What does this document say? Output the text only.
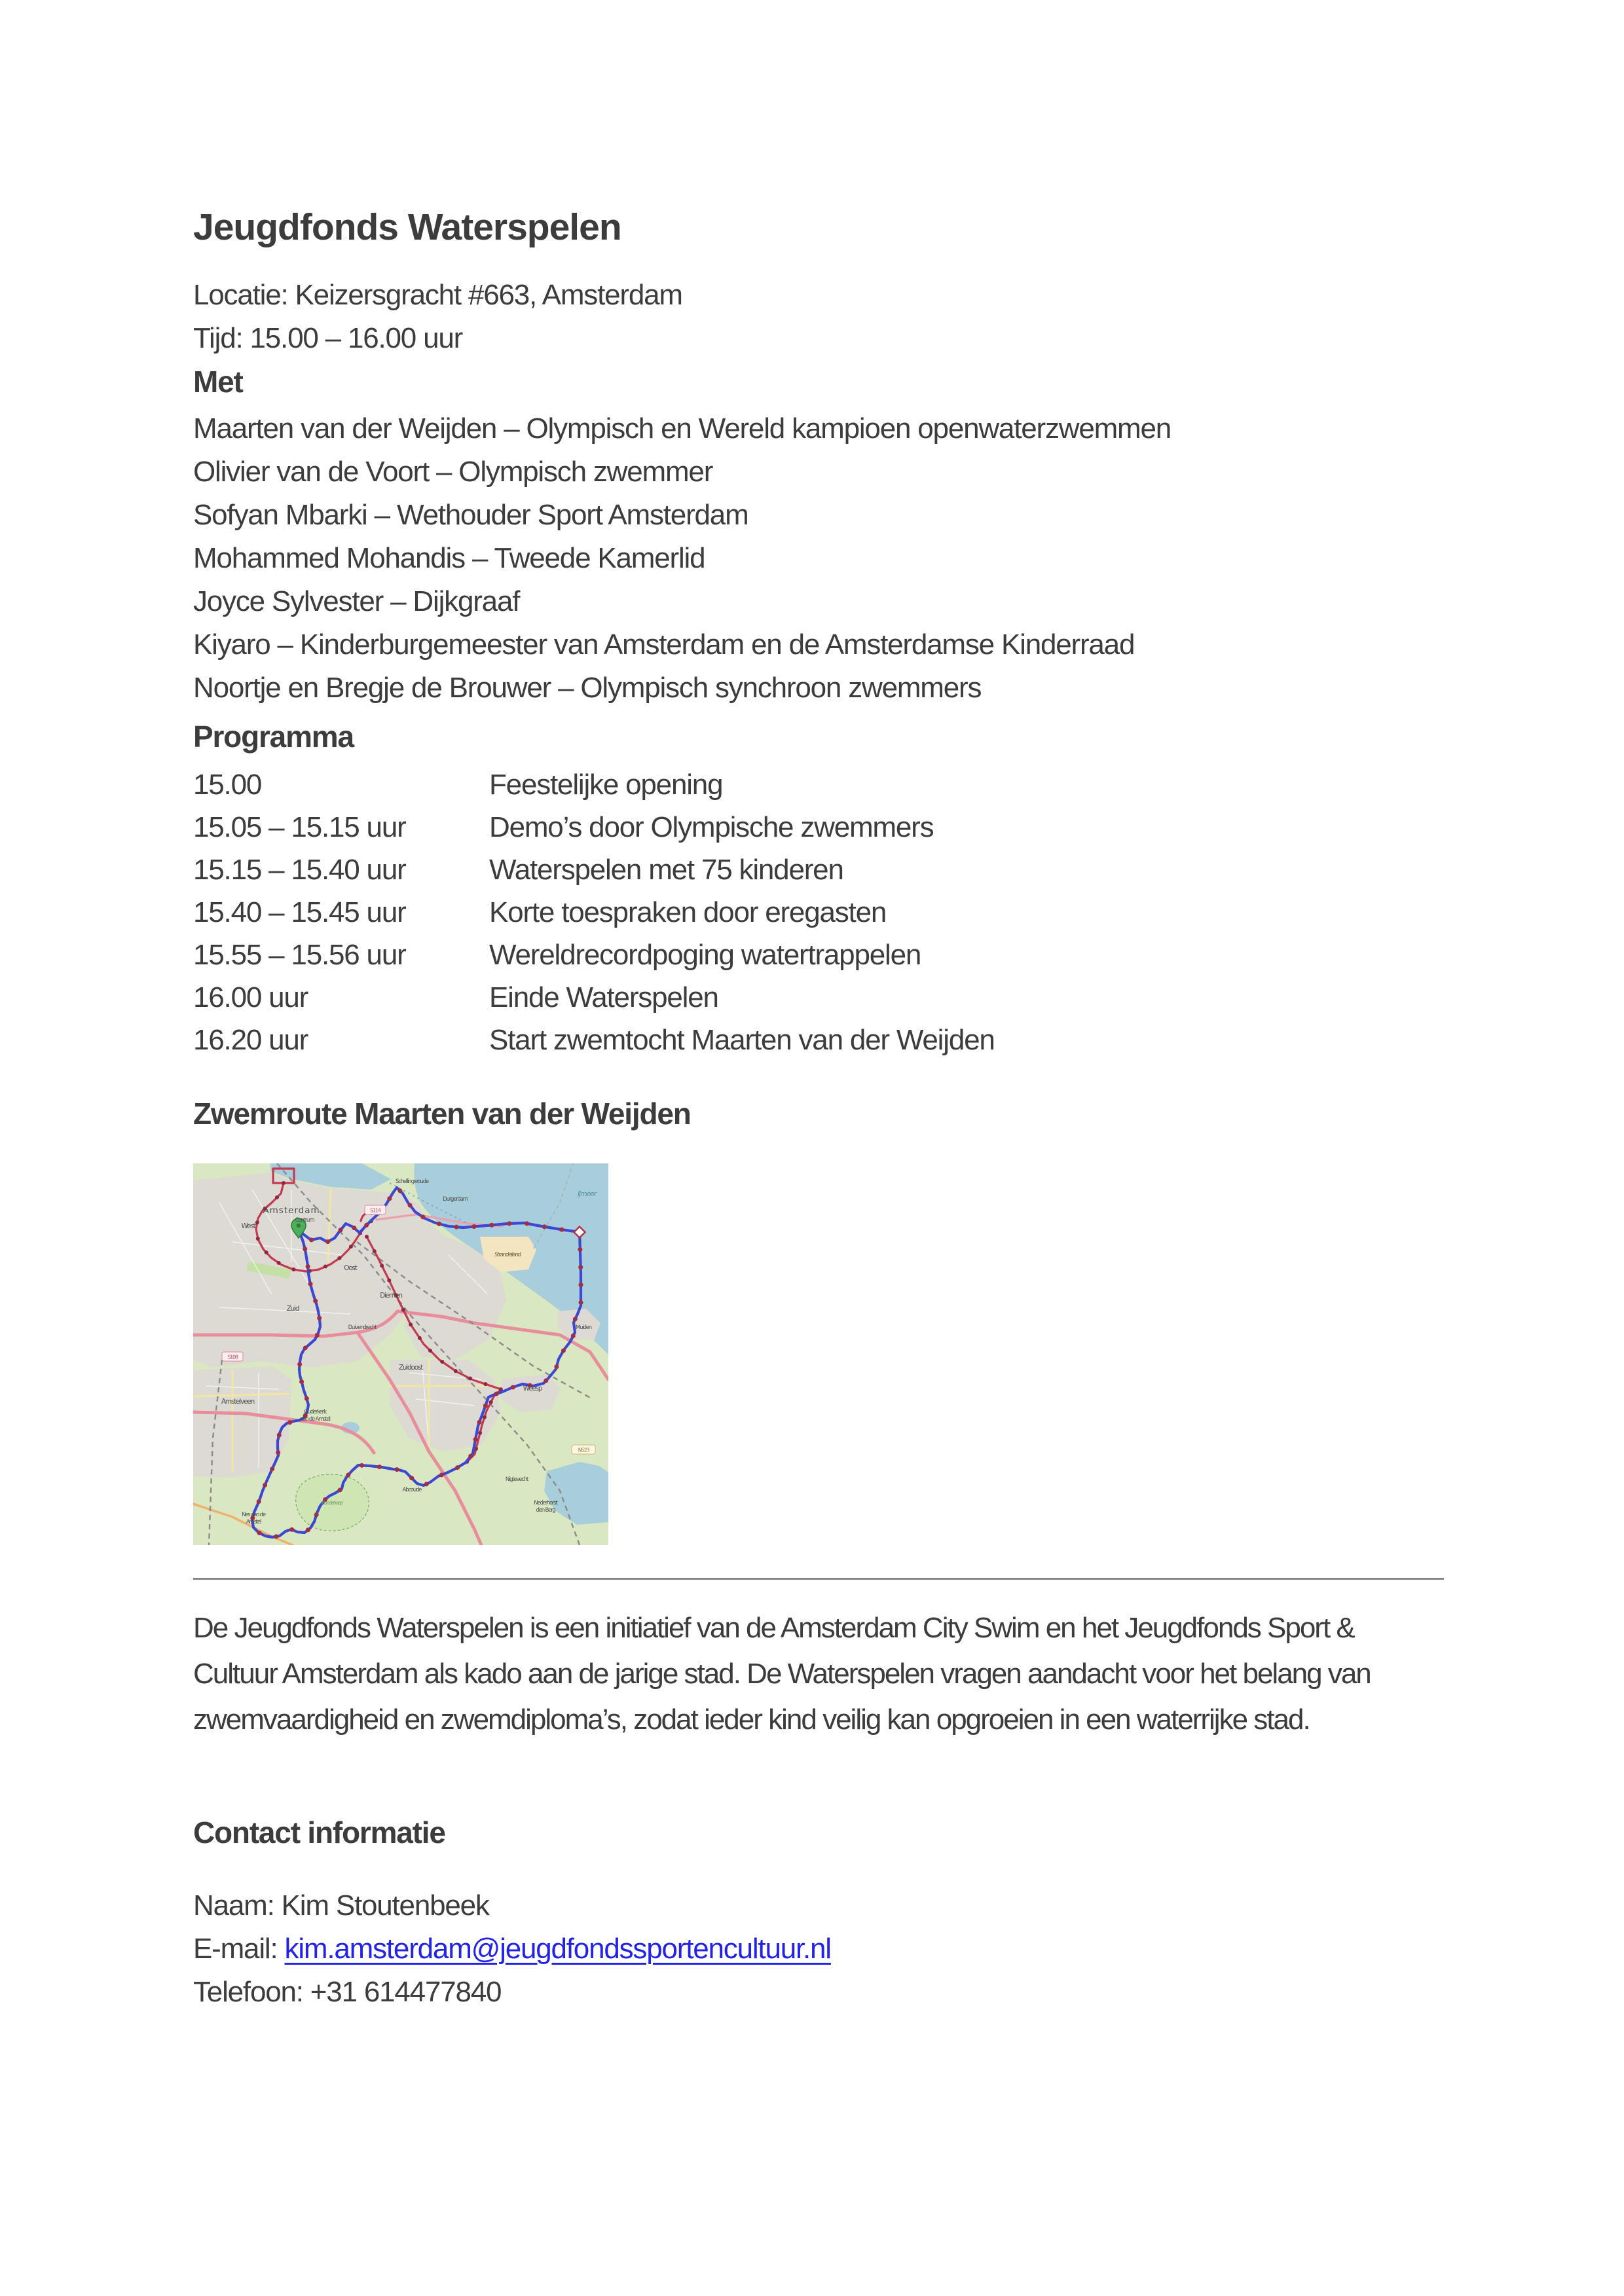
Jeugdfonds Waterspelen
Locatie: Keizersgracht #663, Amsterdam
Tijd: 15.00 – 16.00 uur
Met
Maarten van der Weijden – Olympisch en Wereld kampioen openwaterzwemmen
Olivier van de Voort – Olympisch zwemmer
Sofyan Mbarki – Wethouder Sport Amsterdam
Mohammed Mohandis – Tweede Kamerlid
Joyce Sylvester – Dijkgraaf
Kiyaro – Kinderburgemeester van Amsterdam en de Amsterdamse Kinderraad
Noortje en Bregje de Brouwer – Olympisch synchroon zwemmers
Programma
15.00	Feestelijke opening
15.05 – 15.15 uur	Demo’s door Olympische zwemmers
15.15 – 15.40 uur	Waterspelen met 75 kinderen
15.40 – 15.45 uur	Korte toespraken door eregasten
15.55 – 15.56 uur	Wereldrecordpoging watertrappelen
16.00 uur	Einde Waterspelen
16.20 uur	Start zwemtocht Maarten van der Weijden
Zwemroute Maarten van der Weijden
S114
S108
N523
Amsterdam
West
Centrum
Oost
Zuid
Diemen
Duivendrecht
Zuidoost
Amstelveen
Ouderkerk
aan de Amstel
Nes aan de
Amstel
Weesp
Abcoude
Nigtevecht
Nederhorst
den Berg
Durgerdam
Schellingwoude
IJmeer
Strandeiland
Muiden
Rondehoep
De Jeugdfonds Waterspelen is een initiatief van de Amsterdam City Swim en het Jeugdfonds Sport & Cultuur Amsterdam als kado aan de jarige stad. De Waterspelen vragen aandacht voor het belang van zwemvaardigheid en zwemdiploma’s, zodat ieder kind veilig kan opgroeien in een waterrijke stad.
Contact informatie
Naam: Kim Stoutenbeek
E-mail: kim.amsterdam@jeugdfondssportencultuur.nl
Telefoon: +31 614477840
